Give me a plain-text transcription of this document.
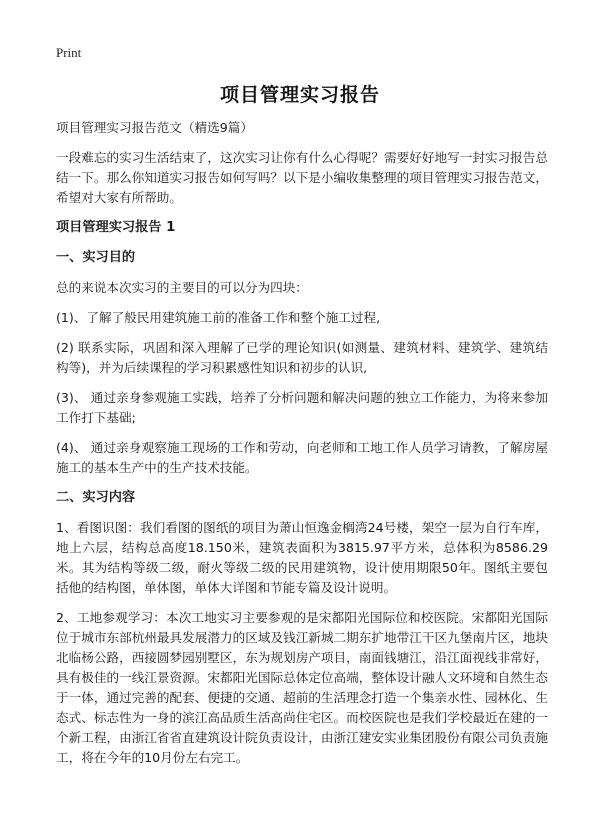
Print
项目管理实习报告
项目管理实习报告范文（精选9篇）
一段难忘的实习生活结束了，这次实习让你有什么心得呢？需要好好地写一封实习报告总结一下。那么你知道实习报告如何写吗？以下是小编收集整理的项目管理实习报告范文，希望对大家有所帮助。
项目管理实习报告 1
一、实习目的
总的来说本次实习的主要目的可以分为四块：
(1)、了解了般民用建筑施工前的准备工作和整个施工过程,
(2) 联系实际，巩固和深入理解了已学的理论知识(如测量、建筑材料、建筑学、建筑结构等)，并为后续课程的学习积累感性知识和初步的认识,
(3)、 通过亲身参观施工实践，培养了分析问题和解决问题的独立工作能力，为将来参加工作打下基础;
(4)、 通过亲身观察施工现场的工作和劳动，向老师和工地工作人员学习请教，了解房屋施工的基本生产中的生产技术技能。
二、实习内容
1、看图识图：我们看图的图纸的项目为萧山恒逸金榈湾24号楼，架空一层为自行车库，地上六层，结构总高度18.150米，建筑表面积为3815.97平方米，总体积为8586.29米。其为结构等级二级，耐火等级二级的民用建筑物，设计使用期限50年。图纸主要包括他的结构图，单体图，单体大详图和节能专篇及设计说明。
2、工地参观学习：本次工地实习主要参观的是宋都阳光国际位和校医院。宋都阳光国际位于城市东部杭州最具发展潜力的区域及钱江新城二期东扩地带江干区九堡南片区，地块北临杨公路，西接圆梦园别墅区，东为规划房产项目，南面钱塘江，沿江面视线非常好，具有极佳的一线江景资源。宋都阳光国际总体定位高端，整体设计融人文环境和自然生态于一体，通过完善的配套、便捷的交通、超前的生活理念打造一个集亲水性、园林化、生态式、标志性为一身的滨江高品质生活高尚住宅区。而校医院也是我们学校最近在建的一个新工程，由浙江省省直建筑设计院负责设计，由浙江建安实业集团股份有限公司负责施工，将在今年的10月份左右完工。
